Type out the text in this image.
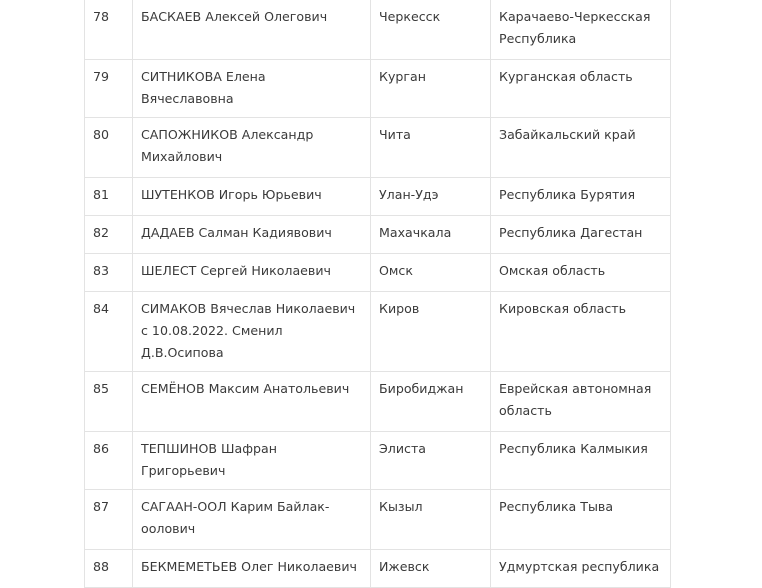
78	БАСКАЕВ Алексей Олегович	Черкесск	Карачаево-Черкесская Республика
79	СИТНИКОВА Елена Вячеславовна	Курган	Курганская область
80	САПОЖНИКОВ Александр Михайлович	Чита	Забайкальский край
81	ШУТЕНКОВ Игорь Юрьевич	Улан-Удэ	Республика Бурятия
82	ДАДАЕВ Салман Кадиявович	Махачкала	Республика Дагестан
83	ШЕЛЕСТ Сергей Николаевич	Омск	Омская область
84	СИМАКОВ Вячеслав Николаевич с 10.08.2022. Сменил Д.В.Осипова	Киров	Кировская область
85	СЕМЁНОВ Максим Анатольевич	Биробиджан	Еврейская автономная область
86	ТЕПШИНОВ Шафран Григорьевич	Элиста	Республика Калмыкия
87	САГААН-ООЛ Карим Байлак-оолович	Кызыл	Республика Тыва
88	БЕКМЕМЕТЬЕВ Олег Николаевич	Ижевск	Удмуртская республика
